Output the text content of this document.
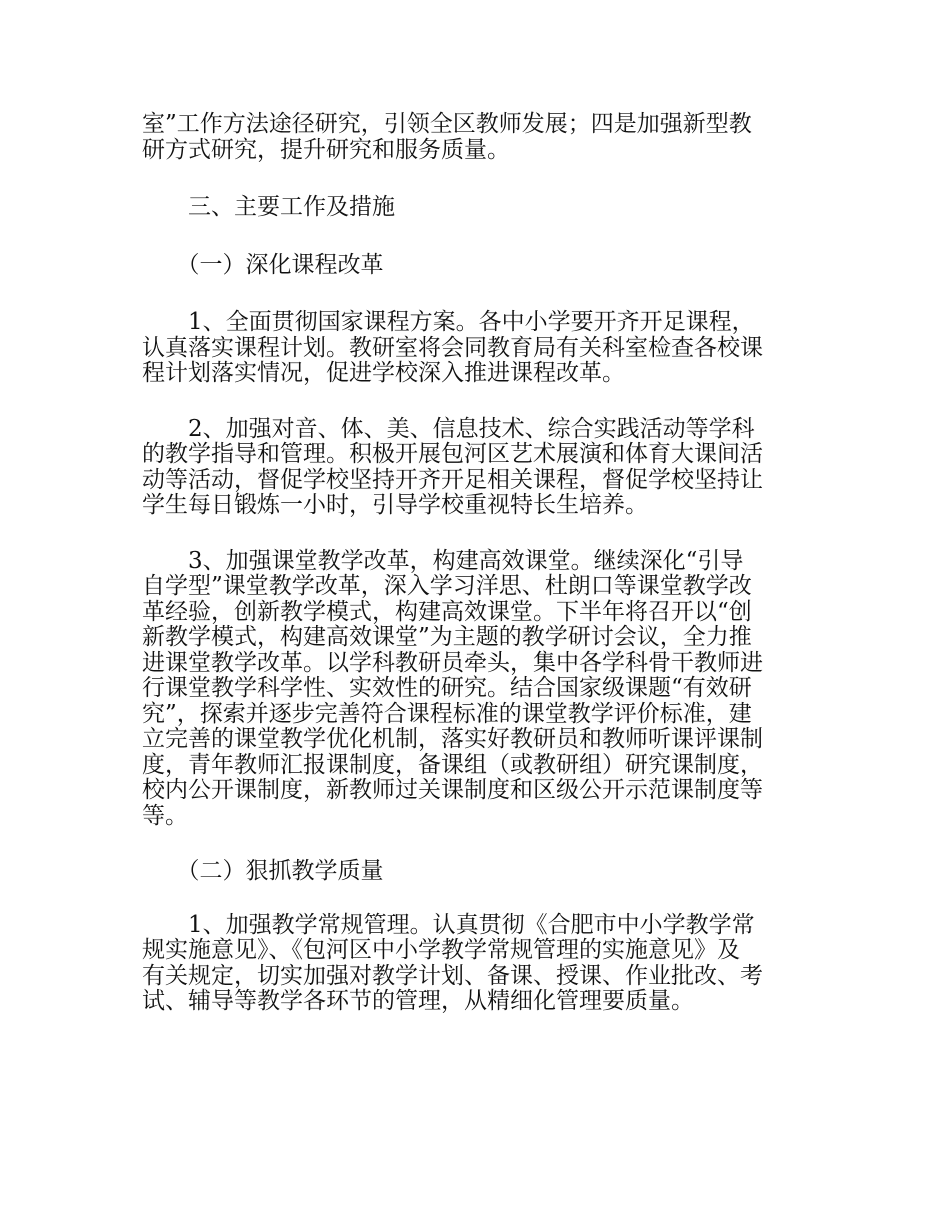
室”工作方法途径研究，引领全区教师发展；四是加强新型教
研方式研究，提升研究和服务质量。
　　三、主要工作及措施
　　（一）深化课程改革
　　1、全面贯彻国家课程方案。各中小学要开齐开足课程，
认真落实课程计划。教研室将会同教育局有关科室检查各校课
程计划落实情况，促进学校深入推进课程改革。
　　2、加强对音、体、美、信息技术、综合实践活动等学科
的教学指导和管理。积极开展包河区艺术展演和体育大课间活
动等活动，督促学校坚持开齐开足相关课程，督促学校坚持让
学生每日锻炼一小时，引导学校重视特长生培养。
　　3、加强课堂教学改革，构建高效课堂。继续深化“引导
自学型”课堂教学改革，深入学习洋思、杜朗口等课堂教学改
革经验，创新教学模式，构建高效课堂。下半年将召开以“创
新教学模式，构建高效课堂”为主题的教学研讨会议，全力推
进课堂教学改革。以学科教研员牵头，集中各学科骨干教师进
行课堂教学科学性、实效性的研究。结合国家级课题“有效研
究”，探索并逐步完善符合课程标准的课堂教学评价标准，建
立完善的课堂教学优化机制，落实好教研员和教师听课评课制
度，青年教师汇报课制度，备课组（或教研组）研究课制度，
校内公开课制度，新教师过关课制度和区级公开示范课制度等
等。
　　（二）狠抓教学质量
　　1、加强教学常规管理。认真贯彻《合肥市中小学教学常
规实施意见》、《包河区中小学教学常规管理的实施意见》及
有关规定，切实加强对教学计划、备课、授课、作业批改、考
试、辅导等教学各环节的管理，从精细化管理要质量。
